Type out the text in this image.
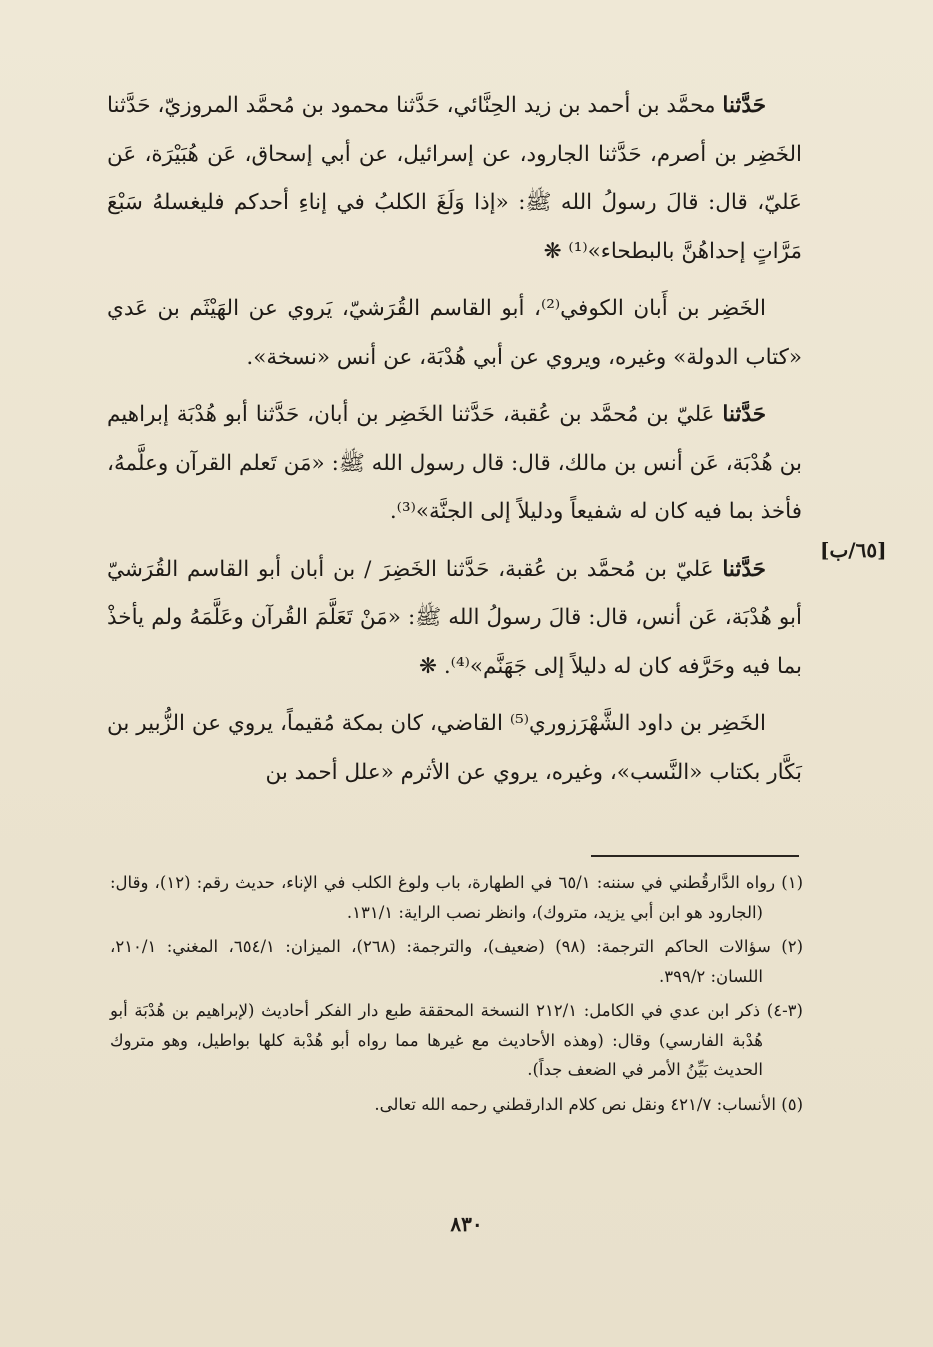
[٦٥/ب]

حَدَّثنا محمَّد بن أحمد بن زيد الحِنَّائي، حَدَّثنا محمود بن مُحمَّد المروزيّ، حَدَّثنا الخَضِر بن أصرم، حَدَّثنا الجارود، عن إسرائيل، عن أبي إسحاق، عَن هُبَيْرَة، عَن عَليّ، قال: قالَ رسولُ الله ﷺ: «إذا وَلَغَ الكلبُ في إناءِ أحدكم فليغسلهُ سَبْعَ مَرَّاتٍ إحداهُنَّ بالبطحاء»⁽¹⁾ ❋

الخَضِر بن أَبان الكوفي⁽²⁾، أبو القاسم القُرَشيّ، يَروي عن الهَيْثَم بن عَدي «كتاب الدولة» وغيره، ويروي عن أبي هُدْبَة، عن أنس «نسخة».

حَدَّثنا عَليّ بن مُحمَّد بن عُقبة، حَدَّثنا الخَضِر بن أبان، حَدَّثنا أبو هُدْبَة إبراهيم بن هُدْبَة، عَن أنس بن مالك، قال: قال رسول الله ﷺ: «مَن تَعلم القرآن وعلَّمهُ، فأخذ بما فيه كان له شفيعاً ودليلاً إلى الجنَّة»⁽³⁾.

حَدَّثنا عَليّ بن مُحمَّد بن عُقبة، حَدَّثنا الخَضِرَ / بن أبان أبو القاسم القُرَشيّ أبو هُدْبَة، عَن أنس، قال: قالَ رسولُ الله ﷺ: «مَنْ تَعَلَّمَ القُرآن وعَلَّمَهُ ولم يأخذْ بما فيه وحَرَّفه كان له دليلاً إلى جَهَنَّم»⁽⁴⁾. ❋

الخَضِر بن داود الشَّهْرَزوري⁽⁵⁾ القاضي، كان بمكة مُقيماً، يروي عن الزُّبير بن بَكَّار بكتاب «النَّسب»، وغيره، يروي عن الأثرم «علل أحمد بن

(١) رواه الدَّارقُطني في سننه: ٦٥/١ في الطهارة، باب ولوغ الكلب في الإناء، حديث رقم: (١٢)، وقال: (الجارود هو ابن أبي يزيد، متروك)، وانظر نصب الراية: ١٣١/١.

(٢) سؤالات الحاكم الترجمة: (٩٨) (ضعيف)، والترجمة: (٢٦٨)، الميزان: ٦٥٤/١، المغني: ٢١٠/١، اللسان: ٣٩٩/٢.

(٣-٤) ذكر ابن عدي في الكامل: ٢١٢/١ النسخة المحققة طبع دار الفكر أحاديث (لإبراهيم بن هُدْبَة أبو هُدْبة الفارسي) وقال: (وهذه الأحاديث مع غيرها مما رواه أبو هُدْبة كلها بواطيل، وهو متروك الحديث بَيِّنُ الأمر في الضعف جداً).

(٥) الأنساب: ٤٢١/٧ ونقل نص كلام الدارقطني رحمه الله تعالى.

٨٣٠
